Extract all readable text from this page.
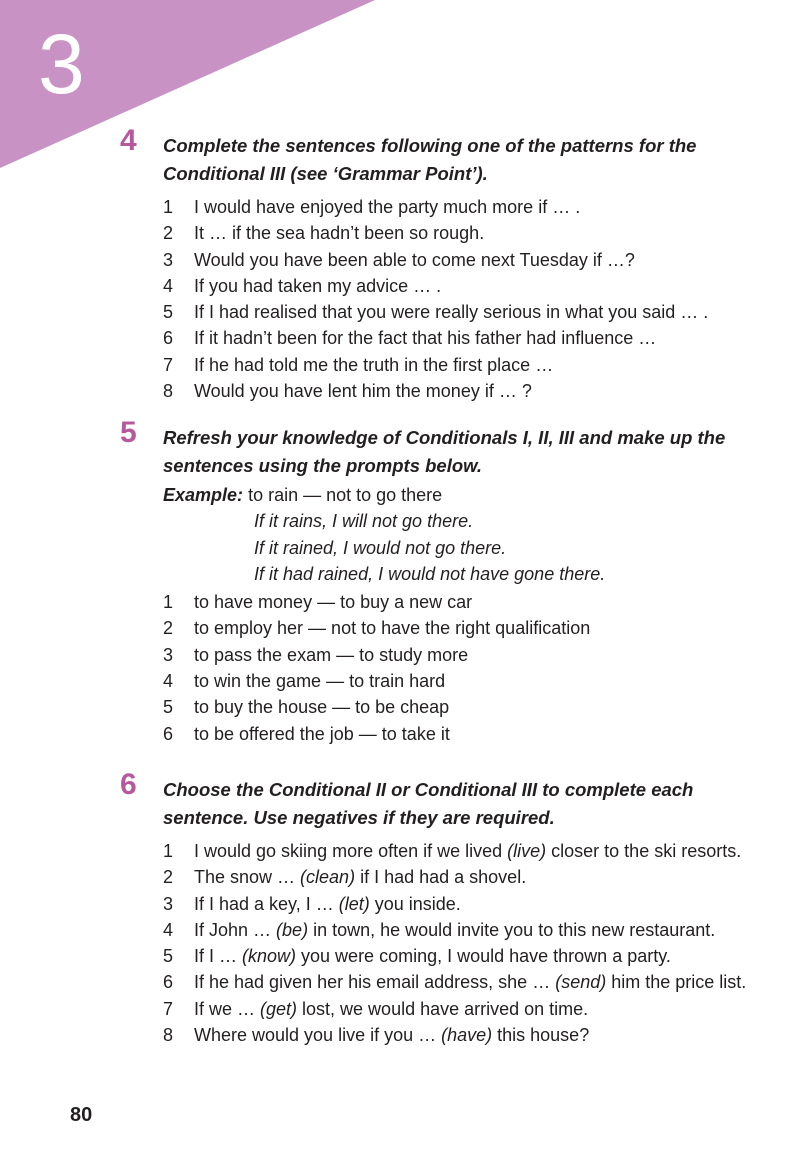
3
4	Complete the sentences following one of the patterns for the Conditional III (see ‘Grammar Point’).
1 I would have enjoyed the party much more if … .
2 It … if the sea hadn’t been so rough.
3 Would you have been able to come next Tuesday if …?
4 If you had taken my advice … .
5 If I had realised that you were really serious in what you said … .
6 If it hadn’t been for the fact that his father had influence …
7 If he had told me the truth in the first place …
8 Would you have lent him the money if … ?
5	Refresh your knowledge of Conditionals I, II, III and make up the sentences using the prompts below.
Example: to rain — not to go there
If it rains, I will not go there.
If it rained, I would not go there.
If it had rained, I would not have gone there.
1 to have money — to buy a new car
2 to employ her — not to have the right qualification
3 to pass the exam — to study more
4 to win the game — to train hard
5 to buy the house — to be cheap
6 to be offered the job — to take it
6	Choose the Conditional II or Conditional III to complete each sentence. Use negatives if they are required.
1 I would go skiing more often if we lived (live) closer to the ski resorts.
2 The snow … (clean) if I had had a shovel.
3 If I had a key, I … (let) you inside.
4 If John … (be) in town, he would invite you to this new restaurant.
5 If I … (know) you were coming, I would have thrown a party.
6 If he had given her his email address, she … (send) him the price list.
7 If we … (get) lost, we would have arrived on time.
8 Where would you live if you … (have) this house?
80
